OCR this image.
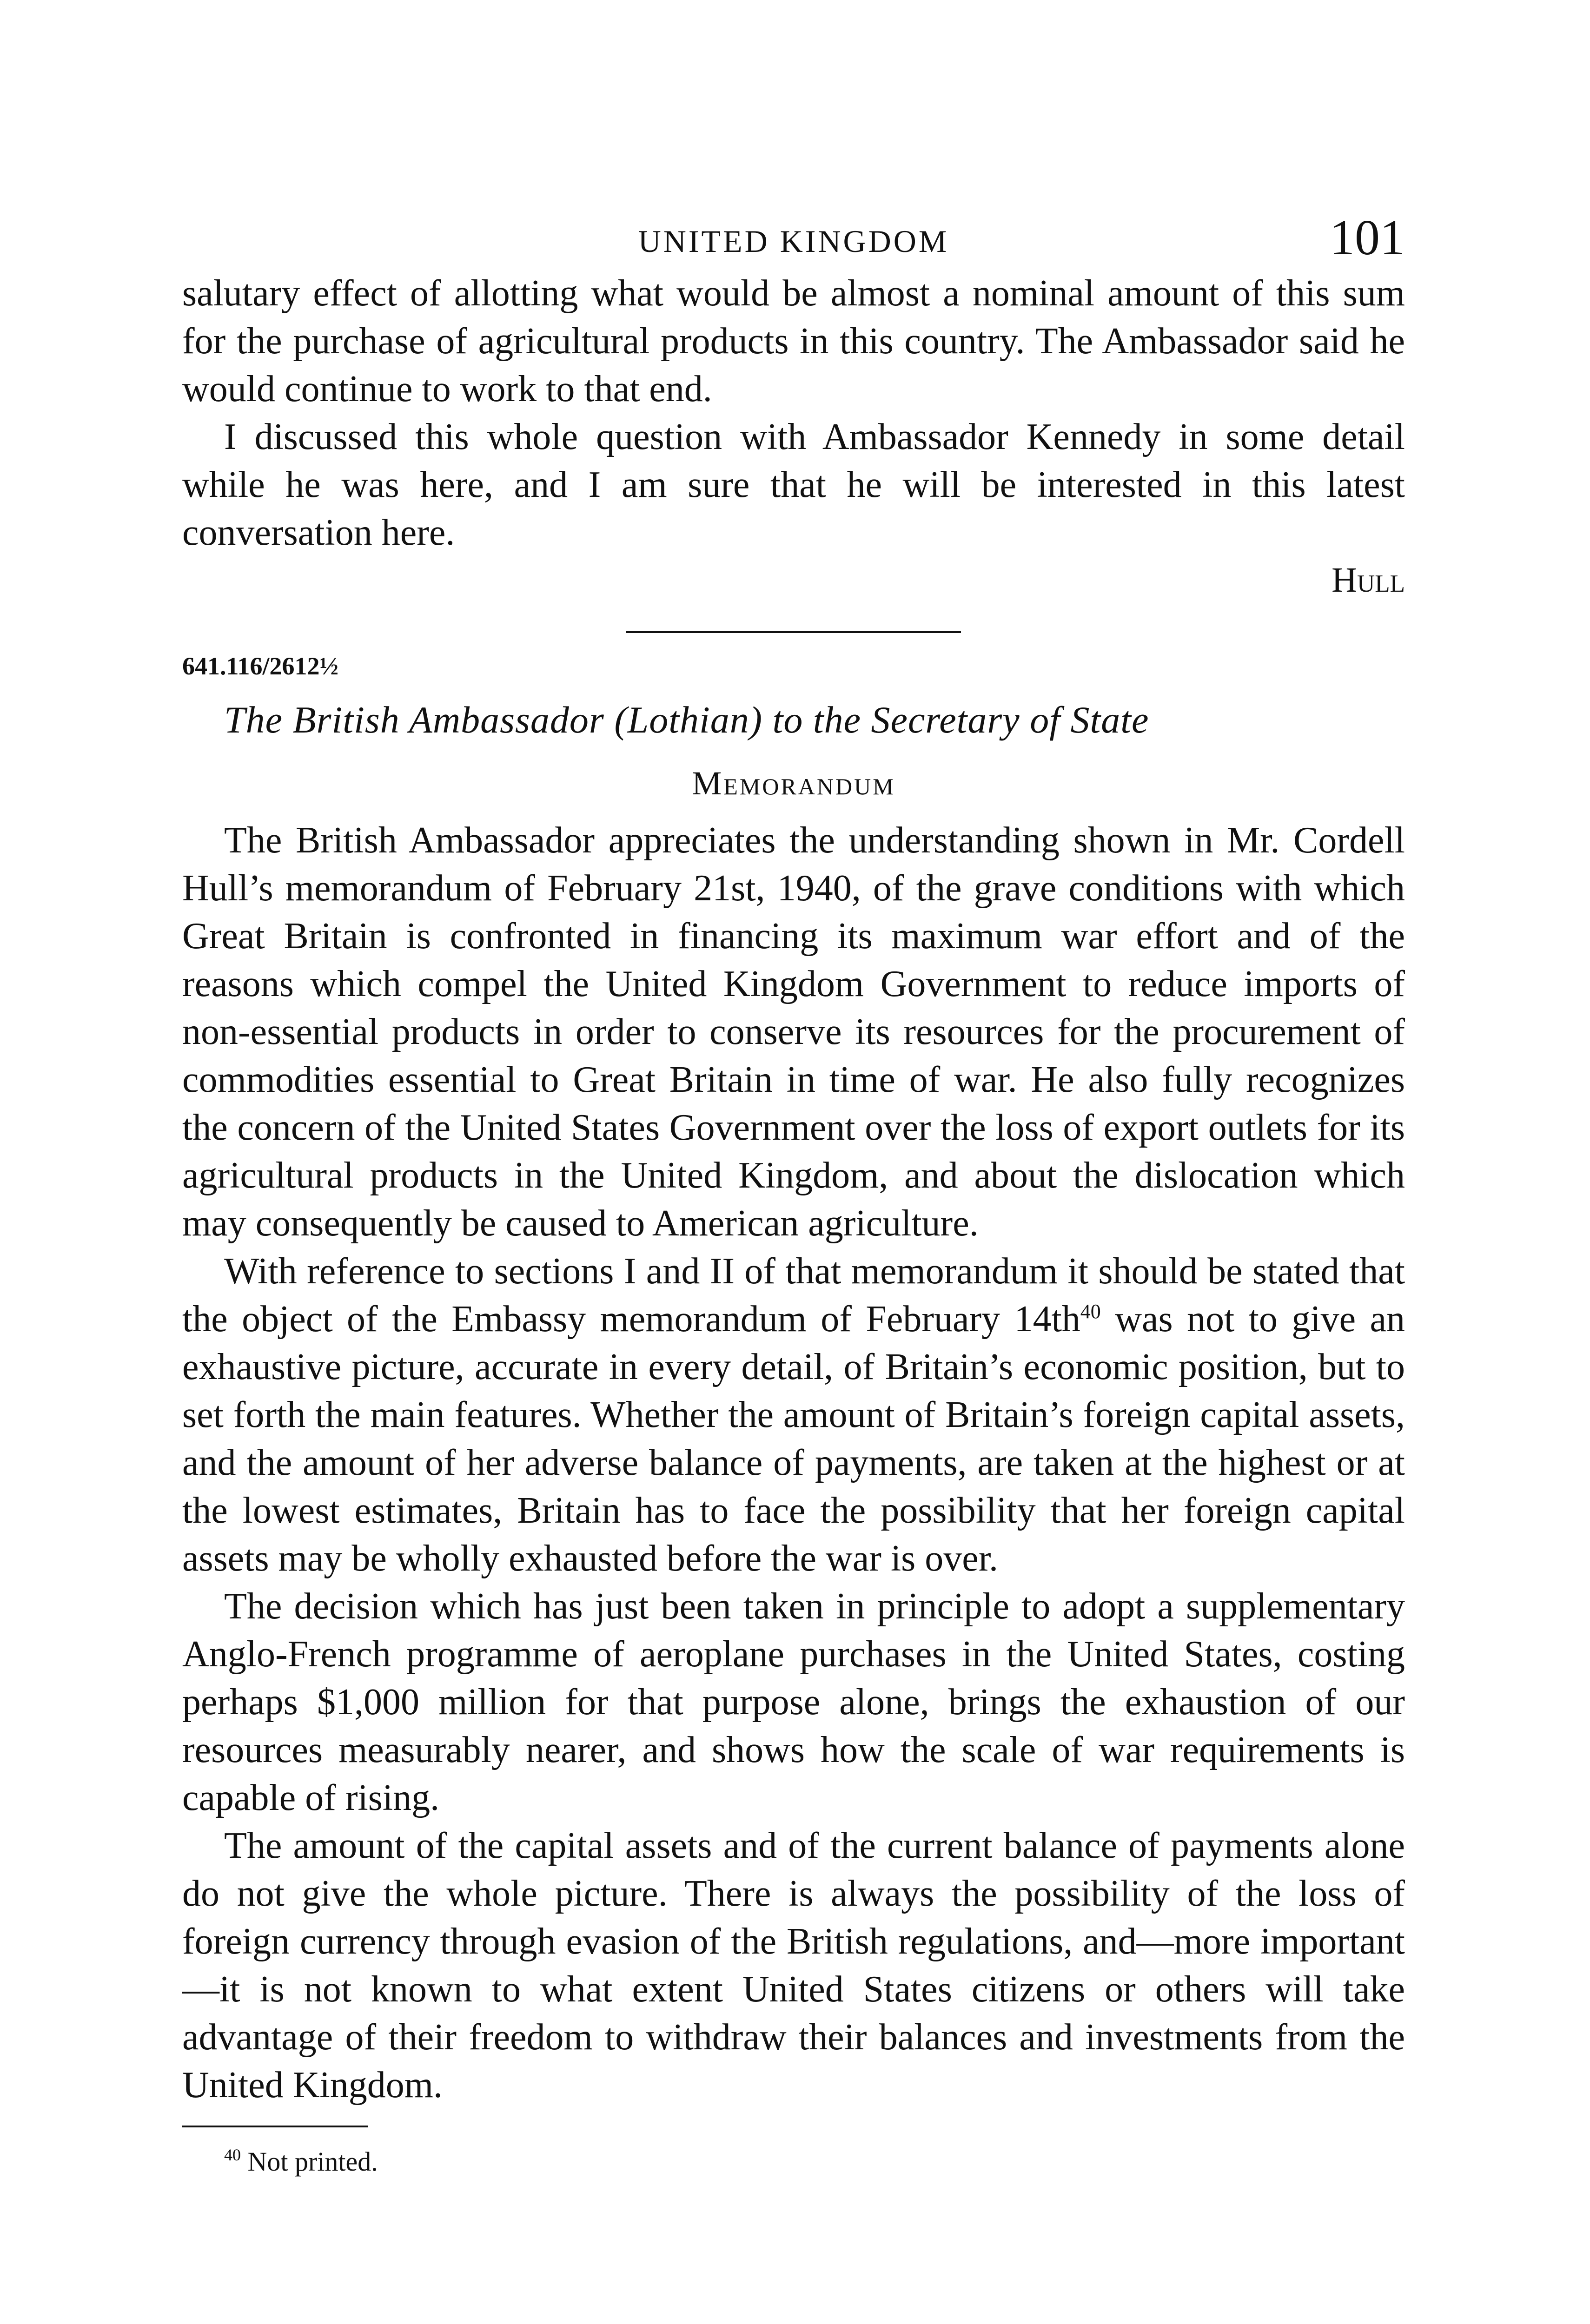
UNITED KINGDOM	101

salutary effect of allotting what would be almost a nominal amount of this sum for the purchase of agricultural products in this country. The Ambassador said he would continue to work to that end.

I discussed this whole question with Ambassador Kennedy in some detail while he was here, and I am sure that he will be interested in this latest conversation here.

Hull
641.116/2612½
The British Ambassador (Lothian) to the Secretary of State
Memorandum

The British Ambassador appreciates the understanding shown in Mr. Cordell Hull’s memorandum of February 21st, 1940, of the grave conditions with which Great Britain is confronted in financing its maximum war effort and of the reasons which compel the United Kingdom Government to reduce imports of non-essential products in order to conserve its resources for the procurement of commodities essential to Great Britain in time of war. He also fully recognizes the concern of the United States Government over the loss of export outlets for its agricultural products in the United Kingdom, and about the dislocation which may consequently be caused to American agriculture.

With reference to sections I and II of that memorandum it should be stated that the object of the Embassy memorandum of February $14th^{40}$ was not to give an exhaustive picture, accurate in every detail, of Britain’s economic position, but to set forth the main features. Whether the amount of Britain’s foreign capital assets, and the amount of her adverse balance of payments, are taken at the highest or at the lowest estimates, Britain has to face the possibility that her foreign capital assets may be wholly exhausted before the war is over.

The decision which has just been taken in principle to adopt a supplementary Anglo-French programme of aeroplane purchases in the United States, costing perhaps $1,000 million for that purpose alone, brings the exhaustion of our resources measurably nearer, and shows how the scale of war requirements is capable of rising.

The amount of the capital assets and of the current balance of payments alone do not give the whole picture. There is always the possibility of the loss of foreign currency through evasion of the British regulations, and—more important—it is not known to what extent United States citizens or others will take advantage of their freedom to withdraw their balances and investments from the United Kingdom.

$^{40}$ Not printed.
